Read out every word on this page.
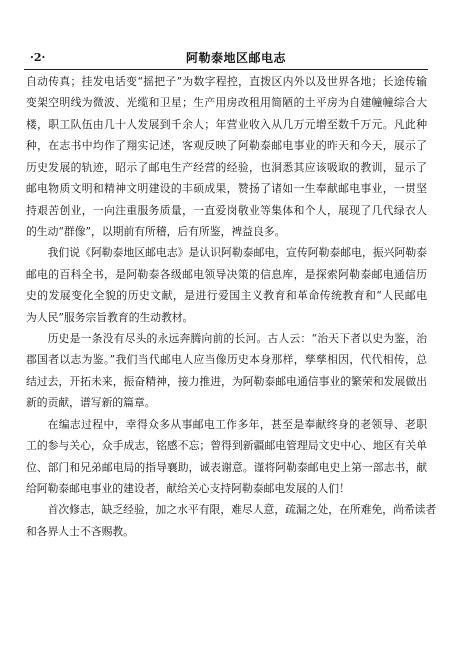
·2·	阿勒泰地区邮电志
自动传真；挂发电话变“摇把子”为数字程控，直拨区内外以及世界各地；长途传输
变架空明线为微波、光缆和卫星；生产用房改租用简陋的土平房为自建幢幢综合大
楼，职工队伍由几十人发展到千余人；年营业收入从几万元增至数千万元。凡此种
种，在志书中均作了翔实记述，客观反映了阿勒泰邮电事业的昨天和今天，展示了
历史发展的轨迹，昭示了邮电生产经营的经验，也洞悉其应该吸取的教训，显示了
邮电物质文明和精神文明建设的丰硕成果，赞扬了诸如一生奉献邮电事业，一贯坚
持艰苦创业，一向注重服务质量，一直爱岗敬业等集体和个人，展现了几代绿衣人
的生动“群像”，以期前有所稽，后有所鉴，裨益良多。
我们说《阿勒泰地区邮电志》是认识阿勒泰邮电，宣传阿勒泰邮电，振兴阿勒泰
邮电的百科全书，是阿勒泰各级邮电领导决策的信息库，是探索阿勒泰邮电通信历
史的发展变化全貌的历史文献，是进行爱国主义教育和革命传统教育和“人民邮电
为人民”服务宗旨教育的生动教材。
历史是一条没有尽头的永远奔腾向前的长河。古人云：“治天下者以史为鉴，治
郡国者以志为鉴。”我们当代邮电人应当像历史本身那样，孳孳相因，代代相传，总
结过去，开拓未来，振奋精神，接力推进，为阿勒泰邮电通信事业的繁荣和发展做出
新的贡献，谱写新的篇章。
在编志过程中，幸得众多从事邮电工作多年，甚至是奉献终身的老领导、老职
工的参与关心，众手成志，铭感不忘；曾得到新疆邮电管理局文史中心、地区有关单
位、部门和兄弟邮电局的指导襄助，诚表谢意。谨将阿勒泰邮电史上第一部志书，献
给阿勒泰邮电事业的建设者，献给关心支持阿勒泰邮电发展的人们！
首次修志，缺乏经验，加之水平有限，难尽人意，疏漏之处，在所难免，尚希读者
和各界人士不吝赐教。
